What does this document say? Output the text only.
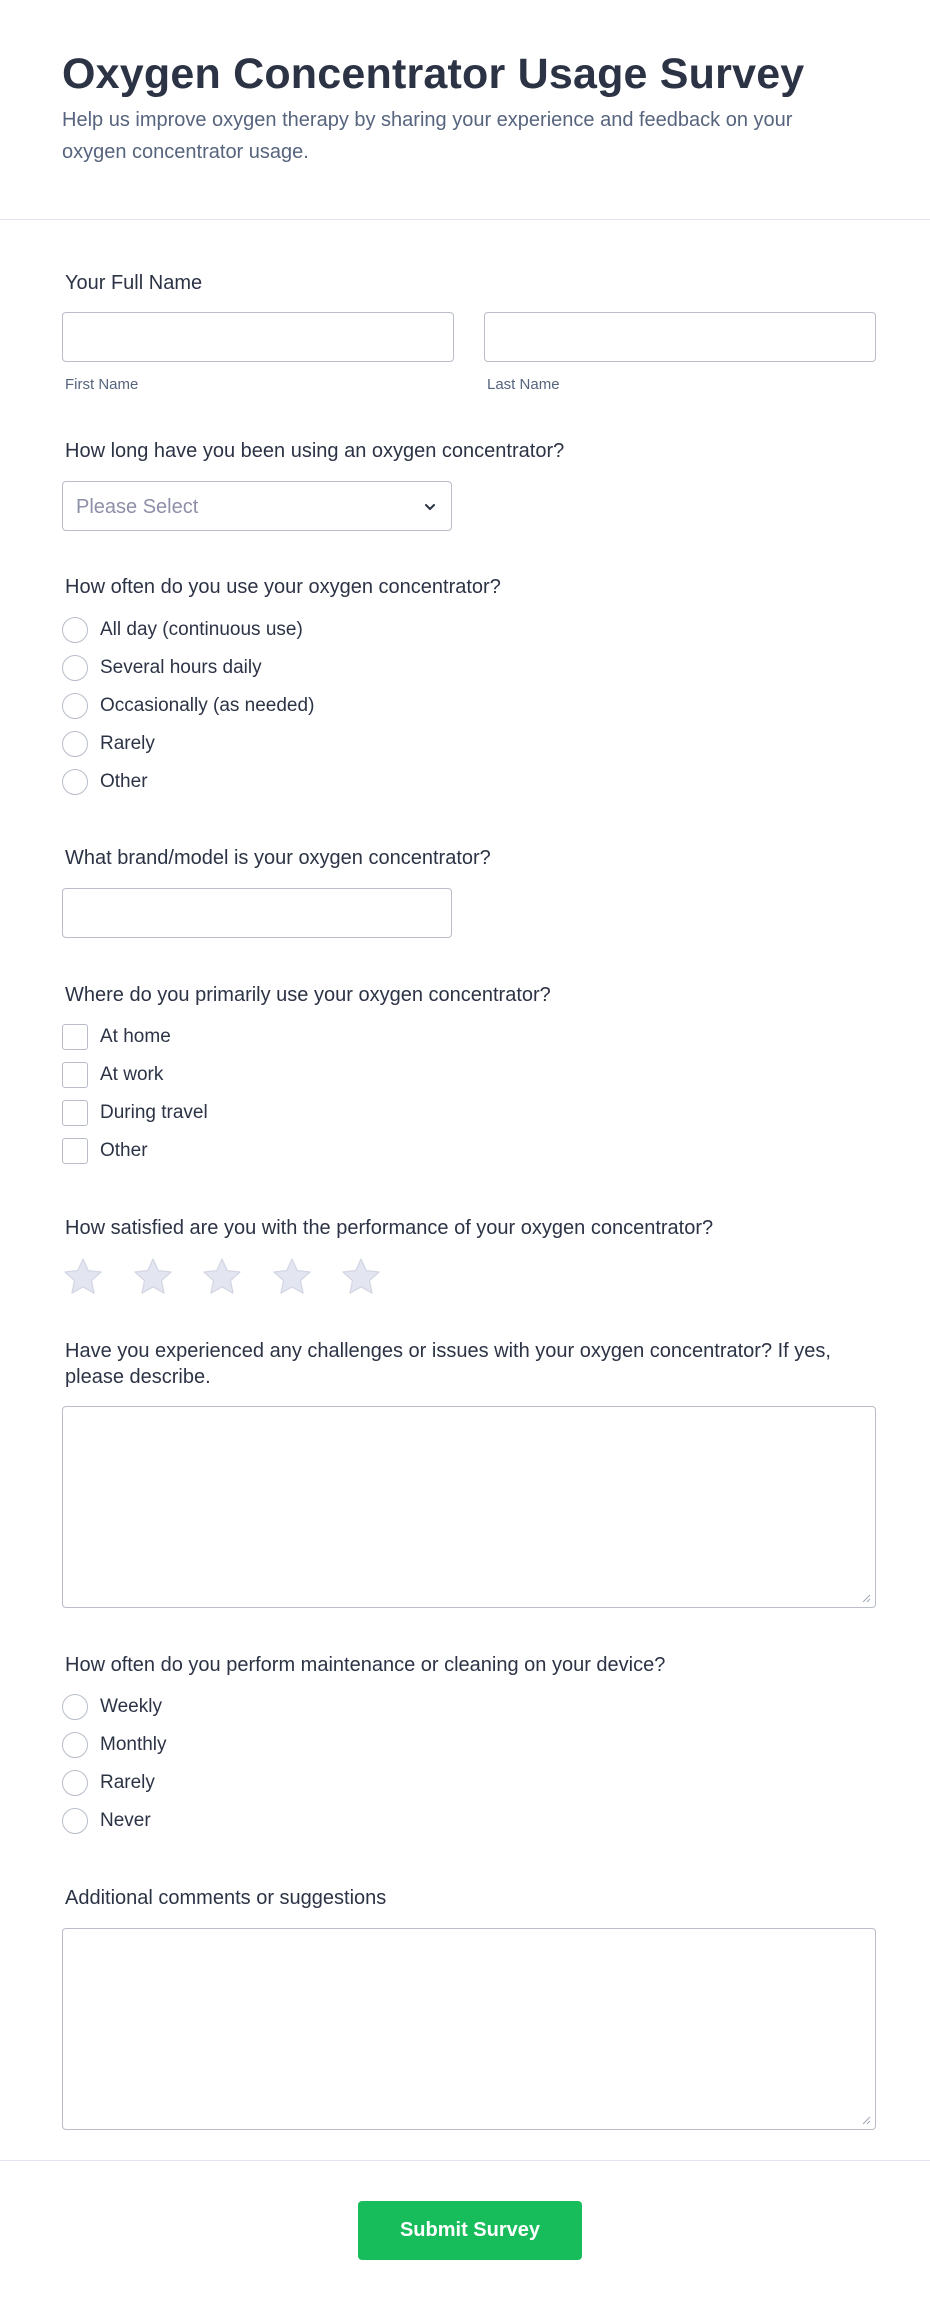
Oxygen Concentrator Usage Survey

Help us improve oxygen therapy by sharing your experience and feedback on your oxygen concentrator usage.

Your Full Name
First Name	Last Name
How long have you been using an oxygen concentrator?
Please Select
How often do you use your oxygen concentrator?
All day (continuous use)
Several hours daily
Occasionally (as needed)
Rarely
Other
What brand/model is your oxygen concentrator?
Where do you primarily use your oxygen concentrator?
At home
At work
During travel
Other
How satisfied are you with the performance of your oxygen concentrator?
Have you experienced any challenges or issues with your oxygen concentrator? If yes, please describe.
How often do you perform maintenance or cleaning on your device?
Weekly
Monthly
Rarely
Never
Additional comments or suggestions
Submit Survey
